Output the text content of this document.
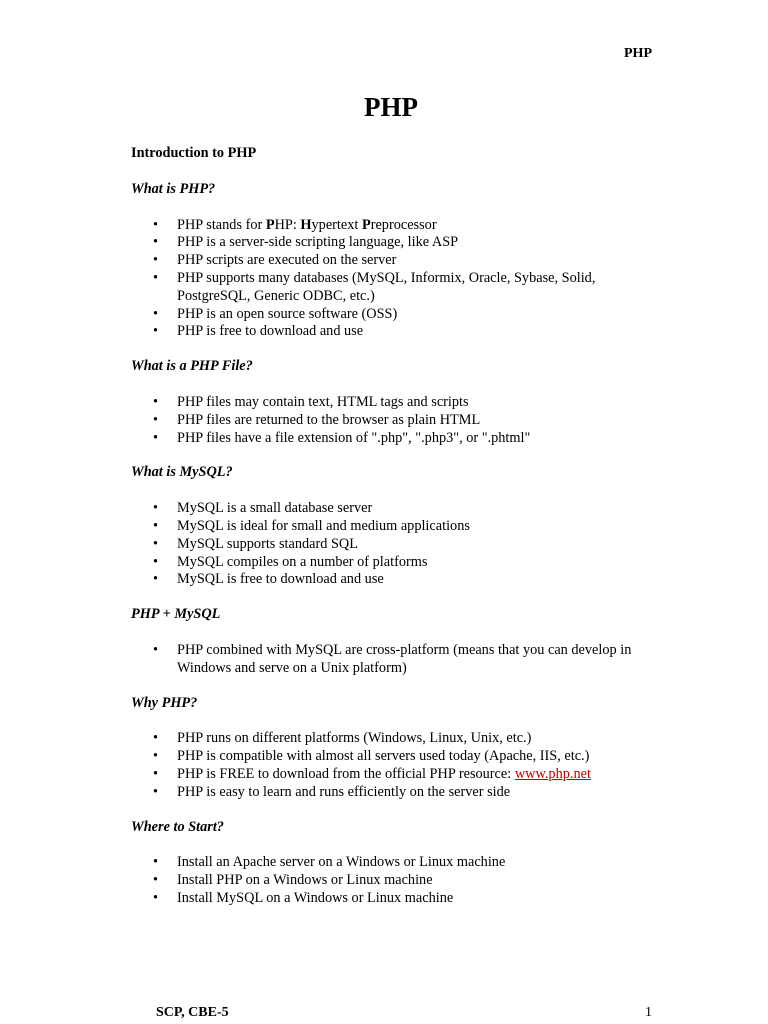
PHP
PHP

Introduction to PHP

What is PHP?

• PHP stands for PHP: Hypertext Preprocessor
• PHP is a server-side scripting language, like ASP
• PHP scripts are executed on the server
• PHP supports many databases (MySQL, Informix, Oracle, Sybase, Solid, PostgreSQL, Generic ODBC, etc.)
• PHP is an open source software (OSS)
• PHP is free to download and use

What is a PHP File?

• PHP files may contain text, HTML tags and scripts
• PHP files are returned to the browser as plain HTML
• PHP files have a file extension of ".php", ".php3", or ".phtml"

What is MySQL?

• MySQL is a small database server
• MySQL is ideal for small and medium applications
• MySQL supports standard SQL
• MySQL compiles on a number of platforms
• MySQL is free to download and use

PHP + MySQL

• PHP combined with MySQL are cross-platform (means that you can develop in Windows and serve on a Unix platform)

Why PHP?

• PHP runs on different platforms (Windows, Linux, Unix, etc.)
• PHP is compatible with almost all servers used today (Apache, IIS, etc.)
• PHP is FREE to download from the official PHP resource: www.php.net
• PHP is easy to learn and runs efficiently on the server side

Where to Start?

• Install an Apache server on a Windows or Linux machine
• Install PHP on a Windows or Linux machine
• Install MySQL on a Windows or Linux machine
SCP, CBE-5	1
